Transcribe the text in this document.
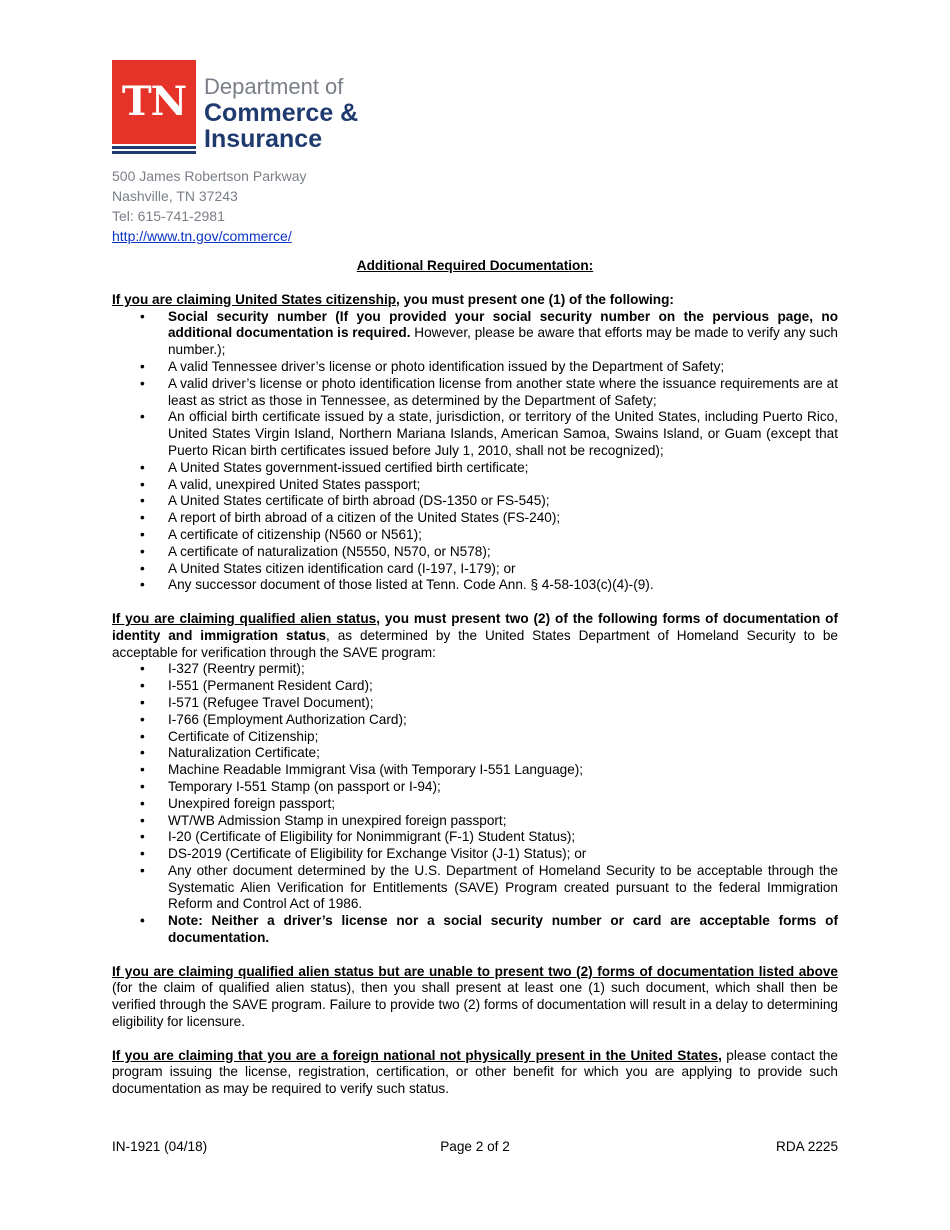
TN Department of
Commerce &
Insurance
500 James Robertson Parkway
Nashville, TN 37243
Tel: 615-741-2981
http://www.tn.gov/commerce/

Additional Required Documentation:

If you are claiming United States citizenship, you must present one (1) of the following:

• Social security number (If you provided your social security number on the pervious page, no additional documentation is required. However, please be aware that efforts may be made to verify any such number.);
• A valid Tennessee driver’s license or photo identification issued by the Department of Safety;
• A valid driver’s license or photo identification license from another state where the issuance requirements are at least as strict as those in Tennessee, as determined by the Department of Safety;
• An official birth certificate issued by a state, jurisdiction, or territory of the United States, including Puerto Rico, United States Virgin Island, Northern Mariana Islands, American Samoa, Swains Island, or Guam (except that Puerto Rican birth certificates issued before July 1, 2010, shall not be recognized);
• A United States government-issued certified birth certificate;
• A valid, unexpired United States passport;
• A United States certificate of birth abroad (DS-1350 or FS-545);
• A report of birth abroad of a citizen of the United States (FS-240);
• A certificate of citizenship (N560 or N561);
• A certificate of naturalization (N5550, N570, or N578);
• A United States citizen identification card (I-197, I-179); or
• Any successor document of those listed at Tenn. Code Ann. § 4-58-103(c)(4)-(9).

If you are claiming qualified alien status, you must present two (2) of the following forms of documentation of identity and immigration status, as determined by the United States Department of Homeland Security to be acceptable for verification through the SAVE program:

• I-327 (Reentry permit);
• I-551 (Permanent Resident Card);
• I-571 (Refugee Travel Document);
• I-766 (Employment Authorization Card);
• Certificate of Citizenship;
• Naturalization Certificate;
• Machine Readable Immigrant Visa (with Temporary I-551 Language);
• Temporary I-551 Stamp (on passport or I-94);
• Unexpired foreign passport;
• WT/WB Admission Stamp in unexpired foreign passport;
• I-20 (Certificate of Eligibility for Nonimmigrant (F-1) Student Status);
• DS-2019 (Certificate of Eligibility for Exchange Visitor (J-1) Status); or
• Any other document determined by the U.S. Department of Homeland Security to be acceptable through the Systematic Alien Verification for Entitlements (SAVE) Program created pursuant to the federal Immigration Reform and Control Act of 1986.
• Note: Neither a driver’s license nor a social security number or card are acceptable forms of documentation.

If you are claiming qualified alien status but are unable to present two (2) forms of documentation listed above (for the claim of qualified alien status), then you shall present at least one (1) such document, which shall then be verified through the SAVE program. Failure to provide two (2) forms of documentation will result in a delay to determining eligibility for licensure.

If you are claiming that you are a foreign national not physically present in the United States, please contact the program issuing the license, registration, certification, or other benefit for which you are applying to provide such documentation as may be required to verify such status.

IN-1921 (04/18)	Page 2 of 2	RDA 2225
